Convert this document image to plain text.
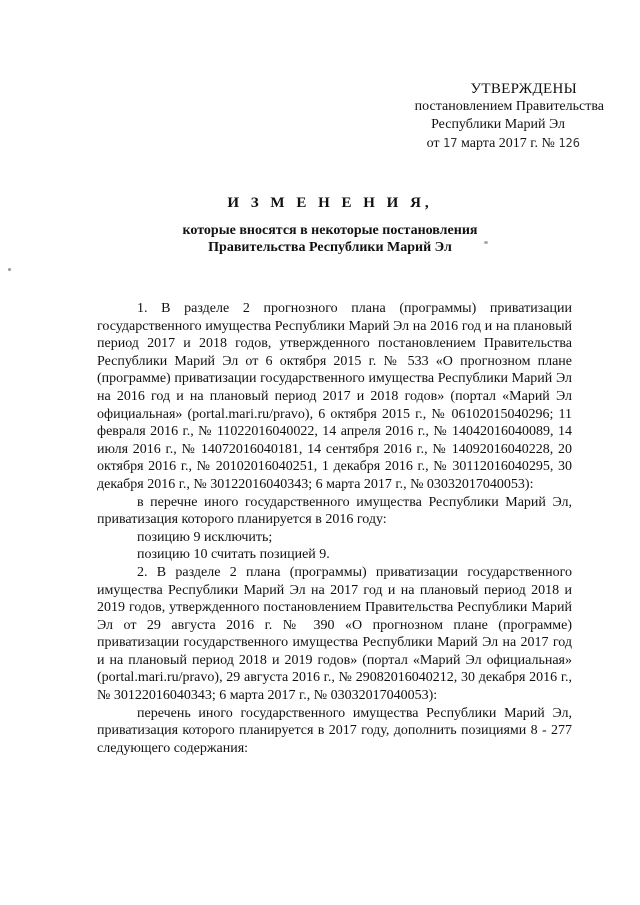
УТВЕРЖДЕНЫ
постановлением Правительства
Республики Марий Эл
от 17 марта 2017 г. № 126
И З М Е Н Е Н И Я,
которые вносятся в некоторые постановления
Правительства Республики Марий Эл

1. В разделе 2 прогнозного плана (программы) приватизации государственного имущества Республики Марий Эл на 2016 год и на плановый период 2017 и 2018 годов, утвержденного постановлением Правительства Республики Марий Эл от 6 октября 2015 г. № 533 «О прогнозном плане (программе) приватизации государственного имущества Республики Марий Эл на 2016 год и на плановый период 2017 и 2018 годов» (портал «Марий Эл официальная» (portal.mari.ru/pravo), 6 октября 2015 г., № 06102015040296; 11 февраля 2016 г., № 11022016040022, 14 апреля 2016 г., № 14042016040089, 14 июля 2016 г., № 14072016040181, 14 сентября 2016 г., № 14092016040228, 20 октября 2016 г., № 20102016040251, 1 декабря 2016 г., № 30112016040295, 30 декабря 2016 г., № 30122016040343; 6 марта 2017 г., № 03032017040053):

в перечне иного государственного имущества Республики Марий Эл, приватизация которого планируется в 2016 году:

позицию 9 исключить;

позицию 10 считать позицией 9.

2. В разделе 2 плана (программы) приватизации государственного имущества Республики Марий Эл на 2017 год и на плановый период 2018 и 2019 годов, утвержденного постановлением Правительства Республики Марий Эл от 29 августа 2016 г. № 390 «О прогнозном плане (программе) приватизации государственного имущества Республики Марий Эл на 2017 год и на плановый период 2018 и 2019 годов» (портал «Марий Эл официальная» (portal.mari.ru/pravo), 29 августа 2016 г., № 29082016040212, 30 декабря 2016 г., № 30122016040343; 6 марта 2017 г., № 03032017040053):

перечень иного государственного имущества Республики Марий Эл, приватизация которого планируется в 2017 году, дополнить позициями 8 - 277 следующего содержания:
